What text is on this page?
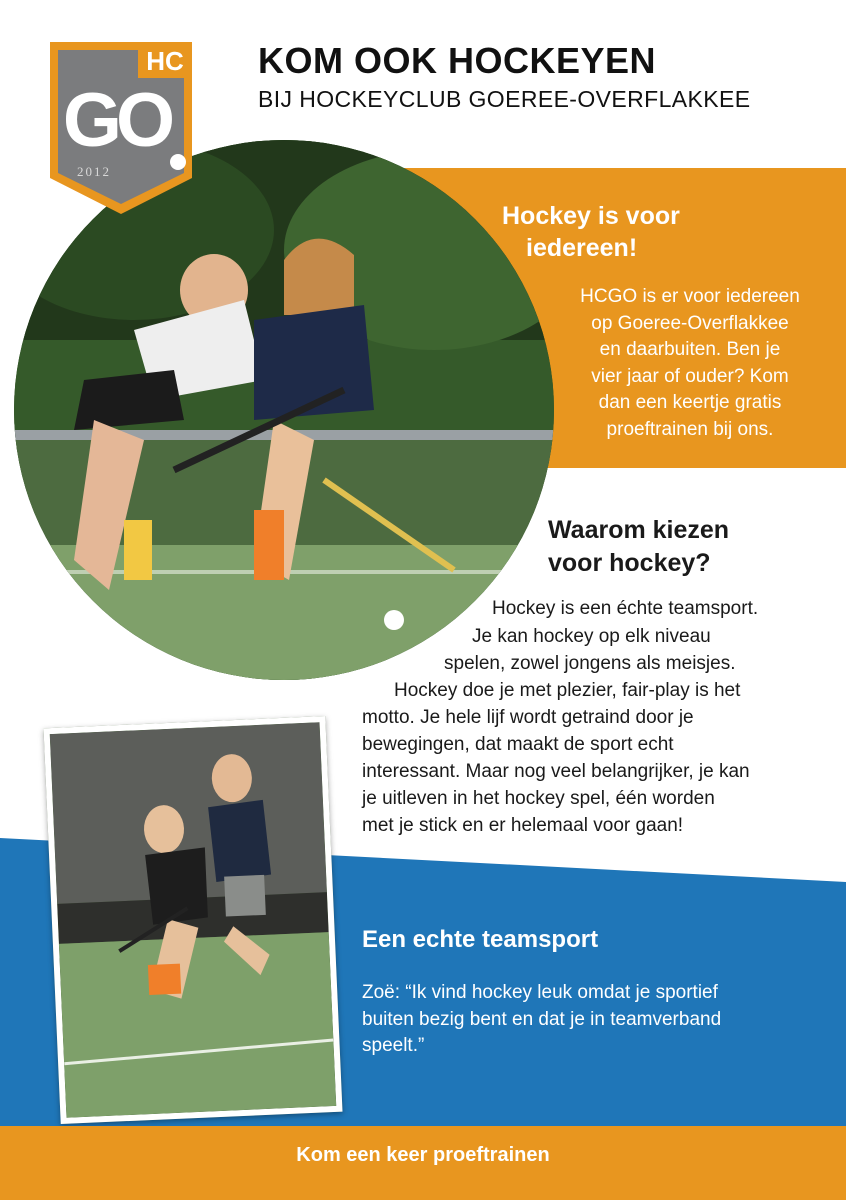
HC
GO
2012
KOM OOK HOCKEYEN
BIJ HOCKEYCLUB GOEREE-OVERFLAKKEE
Hockey is voor
iedereen!
HCGO is er voor iedereen
op Goeree-Overflakkee
en daarbuiten. Ben je
vier jaar of ouder? Kom
dan een keertje gratis
proeftrainen bij ons.
Waarom kiezen
voor hockey?
Hockey is een échte teamsport.
Je kan hockey op elk niveau
spelen, zowel jongens als meisjes.
Hockey doe je met plezier, fair-play is het
motto. Je hele lijf wordt getraind door je
bewegingen, dat maakt de sport echt
interessant. Maar nog veel belangrijker, je kan
je uitleven in het hockey spel, één worden
met je stick en er helemaal voor gaan!
Een echte teamsport
Zoë: “Ik vind hockey leuk omdat je sportief
buiten bezig bent en dat je in teamverband
speelt.”
Kom een keer proeftrainen
